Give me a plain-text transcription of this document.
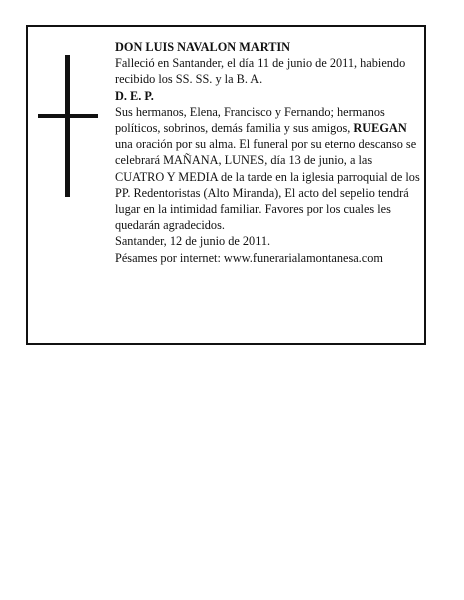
DON LUIS NAVALON MARTIN

Falleció en Santander, el día 11 de junio de 2011, habiendo recibido los SS. SS. y la B. A.

D. E. P.

Sus hermanos, Elena, Francisco y Fernando; hermanos políticos, sobrinos, demás familia y sus amigos, RUEGAN una oración por su alma. El funeral por su eterno descanso se celebrará MAÑANA, LUNES, día 13 de junio, a las CUATRO Y MEDIA de la tarde en la iglesia parroquial de los PP. Redentoristas (Alto Miranda), El acto del sepelio tendrá lugar en la intimidad familiar. Favores por los cuales les quedarán agradecidos.

Santander, 12 de junio de 2011.

Pésames por internet: www.funerarialamontanesa.com
